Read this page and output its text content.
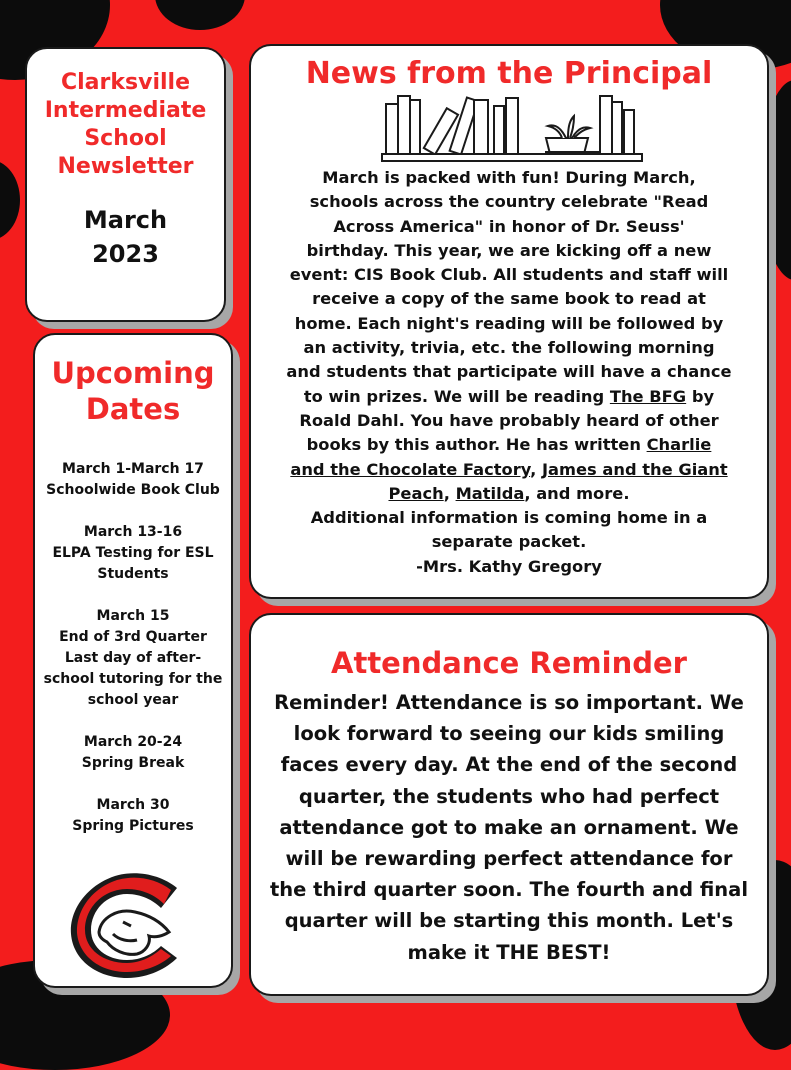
Clarksville
Intermediate
School
Newsletter
March
2023
Upcoming
Dates
March 1-March 17
Schoolwide Book Club
March 13-16
ELPA Testing for ESL
Students
March 15
End of 3rd Quarter
Last day of after-
school tutoring for the
school year
March 20-24
Spring Break
March 30
Spring Pictures
News from the Principal
March is packed with fun! During March,
schools across the country celebrate "Read
Across America" in honor of Dr. Seuss'
birthday. This year, we are kicking off a new
event: CIS Book Club. All students and staff will
receive a copy of the same book to read at
home. Each night's reading will be followed by
an activity, trivia, etc. the following morning
and students that participate will have a chance
to win prizes. We will be reading The BFG by
Roald Dahl. You have probably heard of other
books by this author. He has written Charlie
and the Chocolate Factory, James and the Giant
Peach, Matilda, and more.
Additional information is coming home in a
separate packet.
-Mrs. Kathy Gregory
Attendance Reminder
Reminder! Attendance is so important. We
look forward to seeing our kids smiling
faces every day. At the end of the second
quarter, the students who had perfect
attendance got to make an ornament. We
will be rewarding perfect attendance for
the third quarter soon. The fourth and final
quarter will be starting this month. Let's
make it THE BEST!
